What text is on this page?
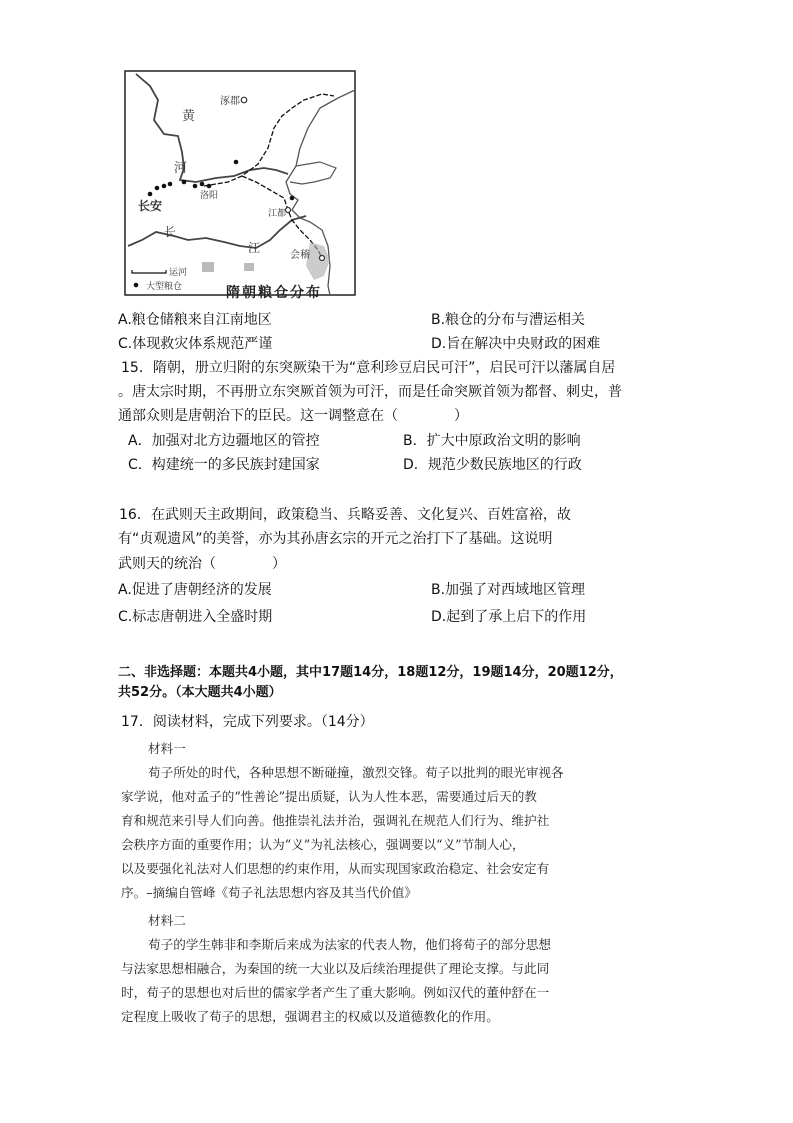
涿郡
黄
河
长安
洛阳
江都
长
江
会稽
运河
大型粮仓	隋朝粮仓分布
A.粮仓储粮来自江南地区	B.粮仓的分布与漕运相关
C.体现救灾体系规范严谨	D.旨在解决中央财政的困难
15．隋朝，册立归附的东突厥染干为“意利珍豆启民可汗”，启民可汗以藩属自居
。唐太宗时期，不再册立东突厥首领为可汗，而是任命突厥首领为都督、刺史，普
通部众则是唐朝治下的臣民。这一调整意在（　　　　）
A．加强对北方边疆地区的管控	B．扩大中原政治文明的影响
C．构建统一的多民族封建国家	D．规范少数民族地区的行政
16．在武则天主政期间，政策稳当、兵略妥善、文化复兴、百姓富裕，故
有“贞观遗风”的美誉，亦为其孙唐玄宗的开元之治打下了基础。这说明
武则天的统治（　　　　）
A.促进了唐朝经济的发展	B.加强了对西域地区管理
C.标志唐朝进入全盛时期	D.起到了承上启下的作用
二、非选择题：本题共4小题，其中17题14分，18题12分，19题14分，20题12分，
共52分。（本大题共4小题）
17．阅读材料，完成下列要求。（14分）
材料一
荀子所处的时代，各种思想不断碰撞，激烈交锋。荀子以批判的眼光审视各
家学说，他对孟子的“性善论”提出质疑，认为人性本恶，需要通过后天的教
育和规范来引导人们向善。他推崇礼法并治，强调礼在规范人们行为、维护社
会秩序方面的重要作用；认为“义”为礼法核心，强调要以“义”节制人心，
以及要强化礼法对人们思想的约束作用，从而实现国家政治稳定、社会安定有
序。–摘编自管峰《荀子礼法思想内容及其当代价值》
材料二
荀子的学生韩非和李斯后来成为法家的代表人物，他们将荀子的部分思想
与法家思想相融合，为秦国的统一大业以及后续治理提供了理论支撑。与此同
时，荀子的思想也对后世的儒家学者产生了重大影响。例如汉代的董仲舒在一
定程度上吸收了荀子的思想，强调君主的权威以及道德教化的作用。
